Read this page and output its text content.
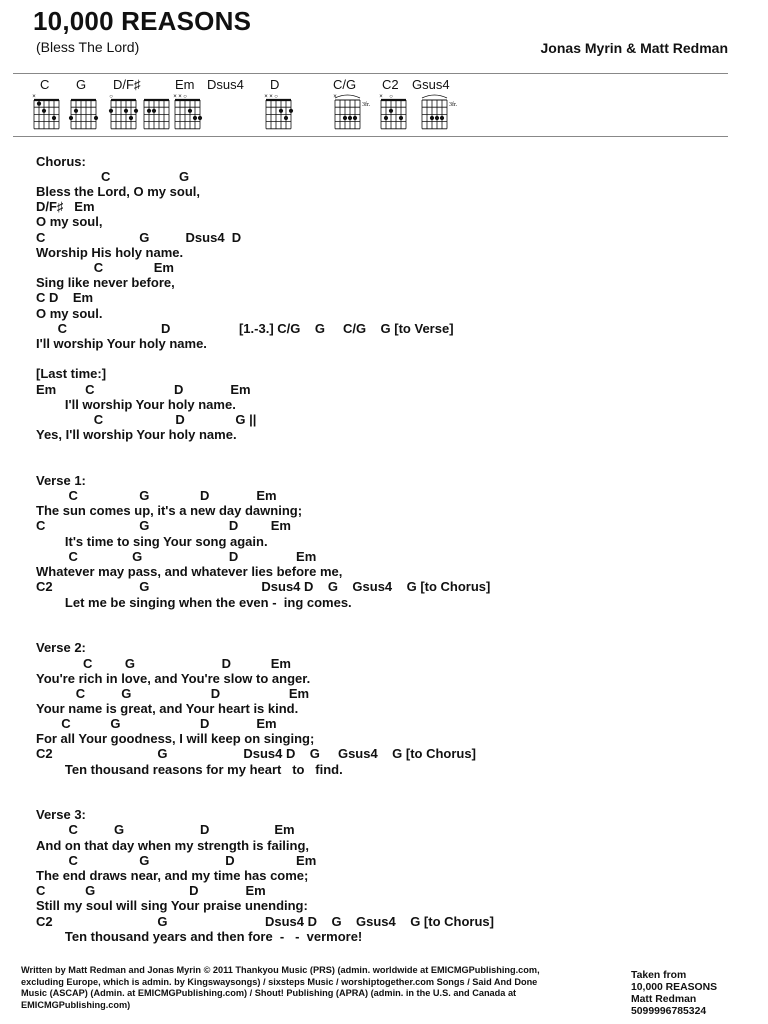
10,000 REASONS
(Bless The Lord)	Jonas Myrin & Matt Redman
C
×
G D/F♯
○
Em Dsus4
× × ○
D
× × ○
C/G
×
3fr.
C2
× ○
Gsus4
3fr.
Chorus:
C                   G
Bless the Lord, O my soul,
D/F♯   Em
O my soul,
C                          G          Dsus4  D
Worship His holy name.
C              Em
Sing like never before,
C D    Em
O my soul.
C                          D                   [1.-3.] C/G    G     C/G    G [to Verse]
I'll worship Your holy name.
[Last time:]
Em        C                      D             Em
I'll worship Your holy name.
C                    D              G ||
Yes, I'll worship Your holy name.
Verse 1:
C                 G              D             Em
The sun comes up, it's a new day dawning;
C                          G                      D         Em
It's time to sing Your song again.
C               G                        D                Em
Whatever may pass, and whatever lies before me,
C2                        G                               Dsus4 D    G    Gsus4    G [to Chorus]
Let me be singing when the even -  ing comes.
Verse 2:
C         G                        D           Em
You're rich in love, and You're slow to anger.
C          G                      D                   Em
Your name is great, and Your heart is kind.
C           G                      D             Em
For all Your goodness, I will keep on singing;
C2                             G                     Dsus4 D    G     Gsus4    G [to Chorus]
Ten thousand reasons for my heart   to   find.
Verse 3:
C          G                     D                  Em
And on that day when my strength is failing,
C                 G                     D                 Em
The end draws near, and my time has come;
C           G                          D             Em
Still my soul will sing Your praise unending:
C2                             G                           Dsus4 D    G    Gsus4    G [to Chorus]
Ten thousand years and then fore  -   -  vermore!
Written by Matt Redman and Jonas Myrin © 2011 Thankyou Music (PRS) (admin. worldwide at EMICMGPublishing.com,
excluding Europe, which is admin. by Kingswaysongs) / sixsteps Music / worshiptogether.com Songs / Said And Done
Music (ASCAP) (Admin. at EMICMGPublishing.com) / Shout! Publishing (APRA) (admin. in the U.S. and Canada at
EMICMGPublishing.com)
Taken from
10,000 REASONS
Matt Redman
5099996785324
